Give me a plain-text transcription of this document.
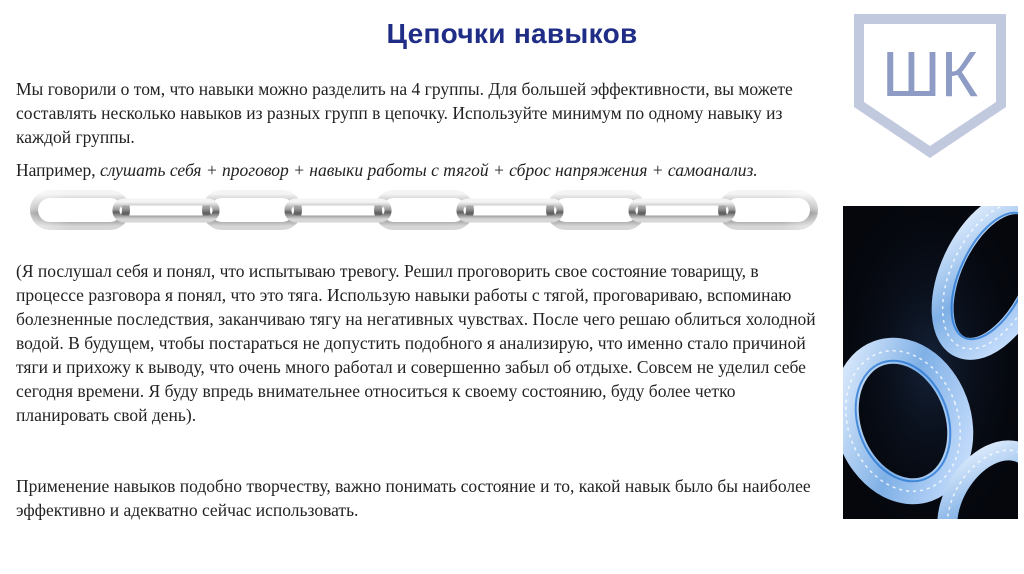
Цепочки навыков
ШК
Мы говорили о том, что навыки можно разделить на 4 группы. Для большей эффективности, вы можете составлять несколько навыков из разных групп в цепочку. Используйте минимум по одному навыку из каждой группы.
Например, слушать себя + проговор + навыки работы с тягой + сброс напряжения + самоанализ.
(Я послушал себя и понял, что испытываю тревогу. Решил проговорить свое состояние товарищу, в процессе разговора я понял, что это тяга. Использую навыки работы с тягой, проговариваю, вспоминаю болезненные последствия, заканчиваю тягу на негативных чувствах. После чего решаю облиться холодной водой. В будущем, чтобы постараться не допустить подобного я анализирую, что именно стало причиной тяги и прихожу к выводу, что очень много работал и совершенно забыл об отдыхе. Совсем не уделил себе сегодня времени. Я буду впредь внимательнее относиться к своему состоянию, буду более четко планировать свой день).
Применение навыков подобно творчеству, важно понимать состояние и то, какой навык было бы наиболее эффективно и адекватно сейчас использовать.
